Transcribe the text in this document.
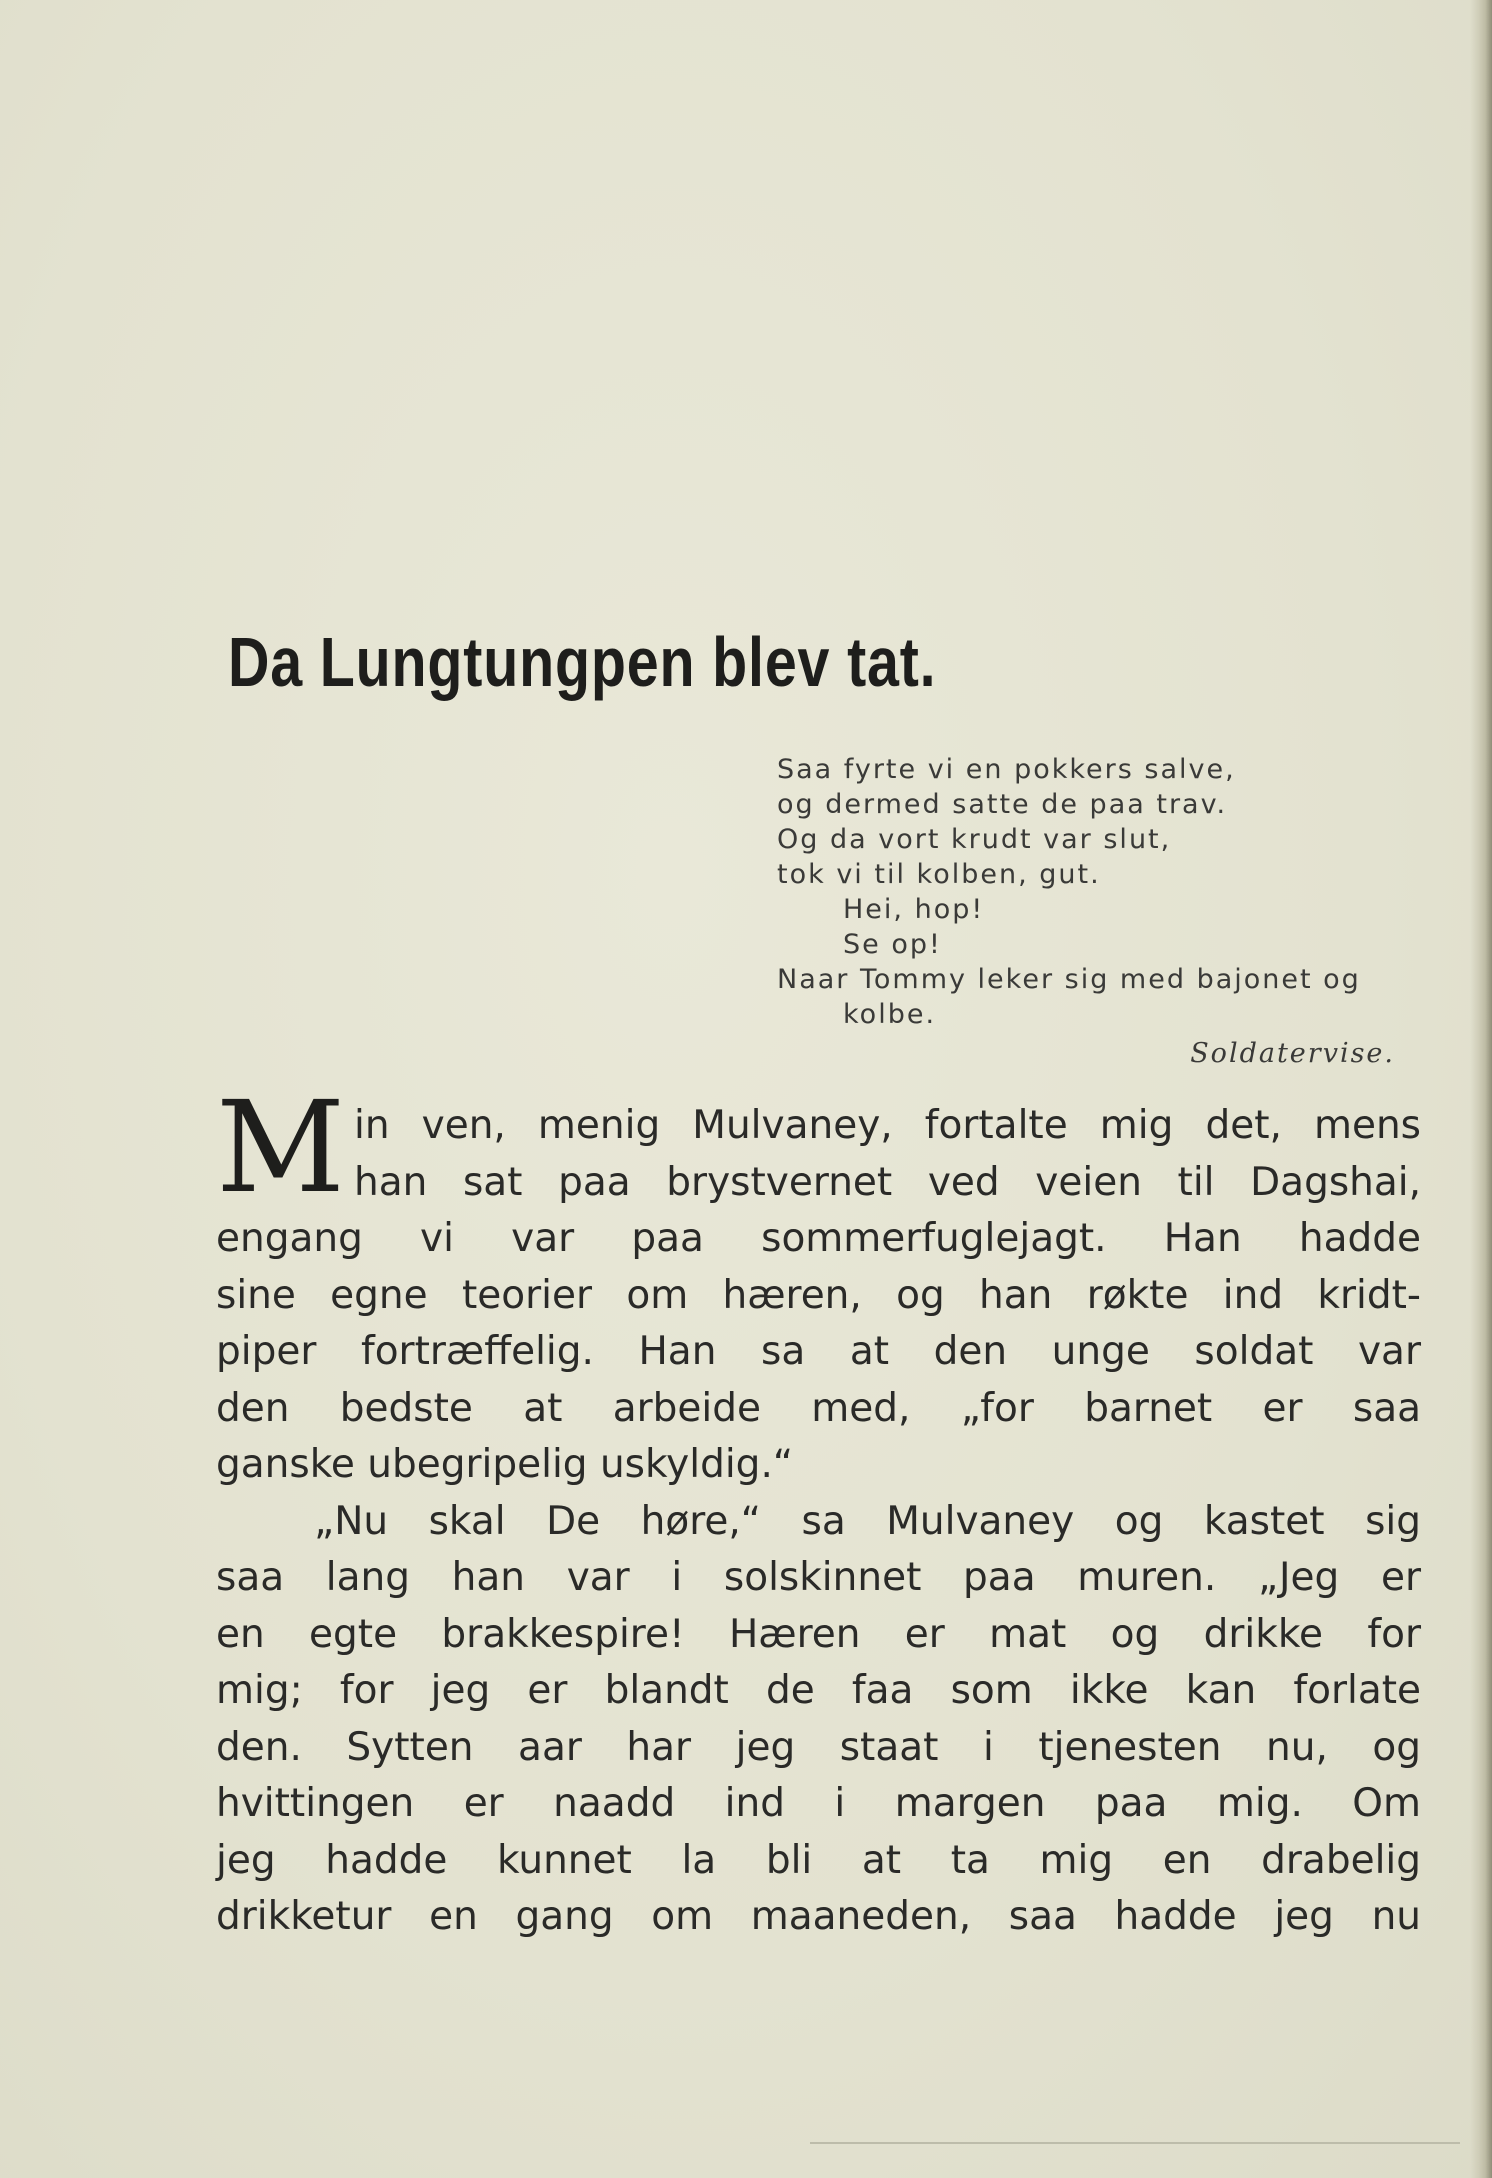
Da Lungtungpen blev tat.
Saa fyrte vi en pokkers salve,
og dermed satte de paa trav.
Og da vort krudt var slut,
tok vi til kolben, gut.
Hei, hop!
Se op!
Naar Tommy leker sig med bajonet og
kolbe.
Soldatervise.
M in ven, menig Mulvaney, fortalte mig det, mens
han sat paa brystvernet ved veien til Dagshai,
engang vi var paa sommerfuglejagt. Han hadde
sine egne teorier om hæren, og han røkte ind kridt-
piper fortræffelig. Han sa at den unge soldat var
den bedste at arbeide med, „for barnet er saa
ganske ubegripelig uskyldig.“
„Nu skal De høre,“ sa Mulvaney og kastet sig
saa lang han var i solskinnet paa muren. „Jeg er
en egte brakkespire! Hæren er mat og drikke for
mig; for jeg er blandt de faa som ikke kan forlate
den. Sytten aar har jeg staat i tjenesten nu, og
hvittingen er naadd ind i margen paa mig. Om
jeg hadde kunnet la bli at ta mig en drabelig
drikketur en gang om maaneden, saa hadde jeg nu
